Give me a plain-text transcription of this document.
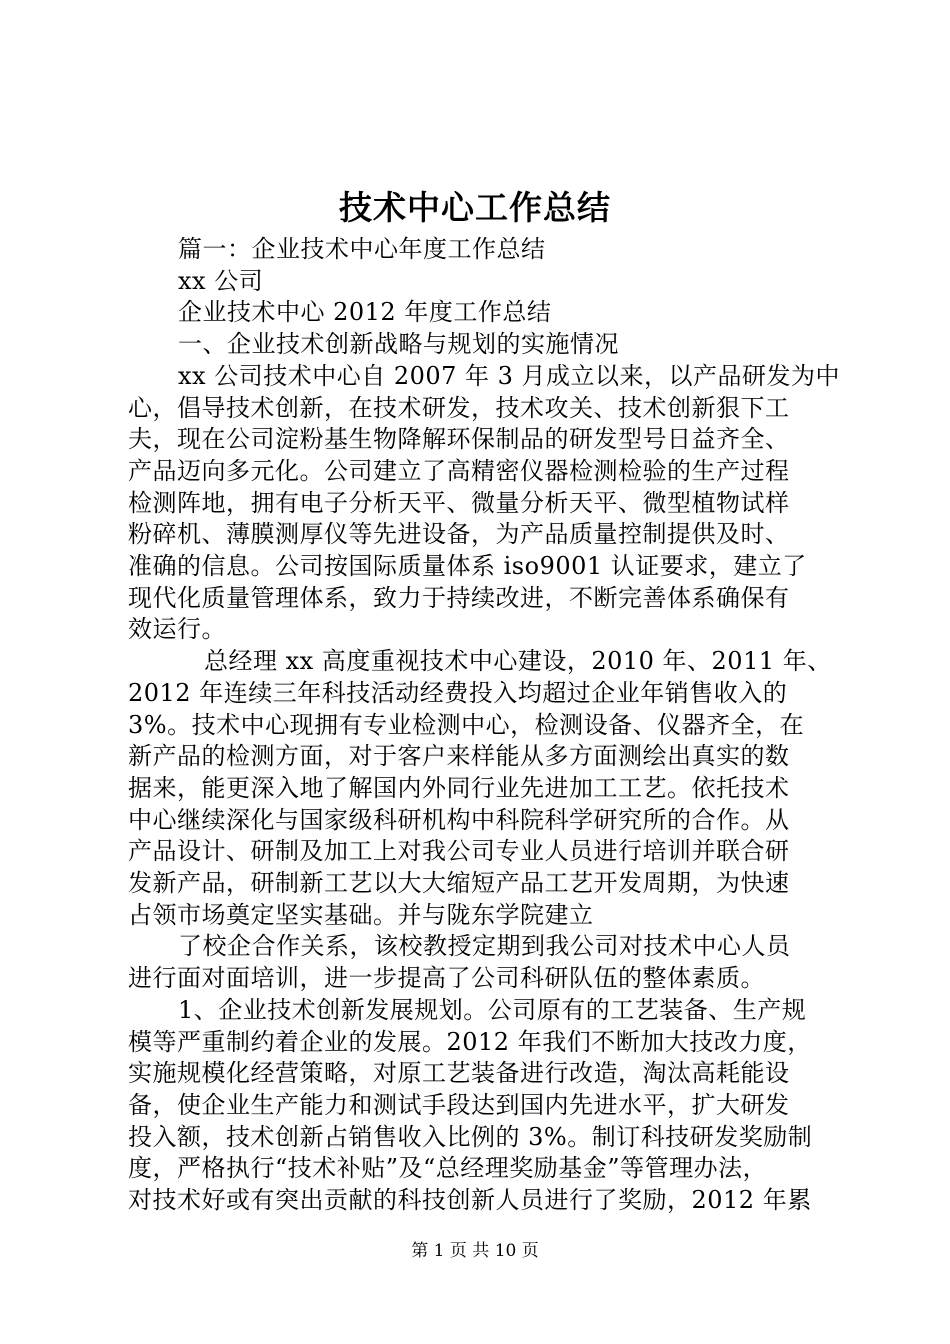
技术中心工作总结
篇一：企业技术中心年度工作总结
xx 公司
企业技术中心 2012 年度工作总结
一、企业技术创新战略与规划的实施情况
xx 公司技术中心自 2007 年 3 月成立以来，以产品研发为中
心，倡导技术创新，在技术研发，技术攻关、技术创新狠下工
夫，现在公司淀粉基生物降解环保制品的研发型号日益齐全、
产品迈向多元化。公司建立了高精密仪器检测检验的生产过程
检测阵地，拥有电子分析天平、微量分析天平、微型植物试样
粉碎机、薄膜测厚仪等先进设备，为产品质量控制提供及时、
准确的信息。公司按国际质量体系 iso9001 认证要求，建立了
现代化质量管理体系，致力于持续改进，不断完善体系确保有
效运行。
总经理 xx 高度重视技术中心建设，2010 年、2011 年、
2012 年连续三年科技活动经费投入均超过企业年销售收入的
3%。技术中心现拥有专业检测中心，检测设备、仪器齐全，在
新产品的检测方面，对于客户来样能从多方面测绘出真实的数
据来，能更深入地了解国内外同行业先进加工工艺。依托技术
中心继续深化与国家级科研机构中科院科学研究所的合作。从
产品设计、研制及加工上对我公司专业人员进行培训并联合研
发新产品，研制新工艺以大大缩短产品工艺开发周期，为快速
占领市场奠定坚实基础。并与陇东学院建立
了校企合作关系，该校教授定期到我公司对技术中心人员
进行面对面培训，进一步提高了公司科研队伍的整体素质。
1、企业技术创新发展规划。公司原有的工艺装备、生产规
模等严重制约着企业的发展。2012 年我们不断加大技改力度，
实施规模化经营策略，对原工艺装备进行改造，淘汰高耗能设
备，使企业生产能力和测试手段达到国内先进水平，扩大研发
投入额，技术创新占销售收入比例的 3%。制订科技研发奖励制
度，严格执行“技术补贴”及“总经理奖励基金”等管理办法，
对技术好或有突出贡献的科技创新人员进行了奖励，2012 年累
第 1 页 共 10 页
